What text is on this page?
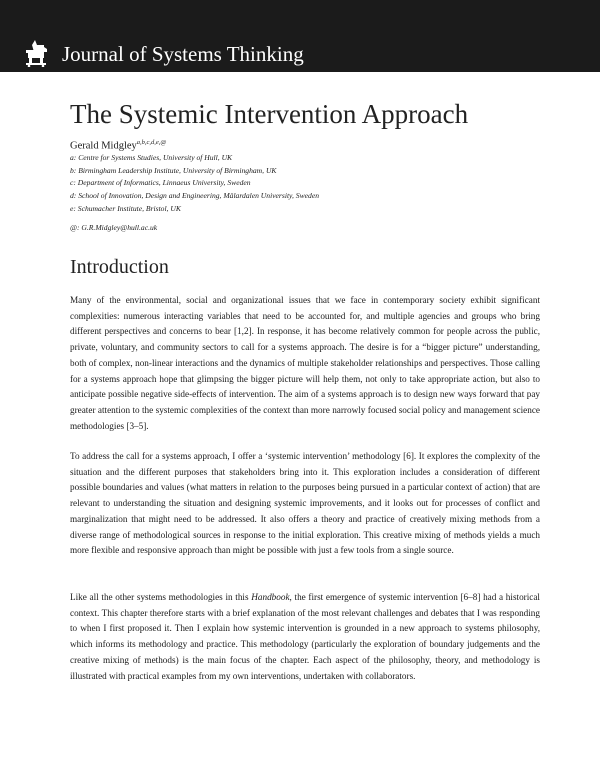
Journal of Systems Thinking
The Systemic Intervention Approach
Gerald Midgley$^{a,b,c,d,e,@}$
a: Centre for Systems Studies, University of Hull, UK
b: Birmingham Leadership Institute, University of Birmingham, UK
c: Department of Informatics, Linnaeus University, Sweden
d: School of Innovation, Design and Engineering, Mälardalen University, Sweden
e: Schumacher Institute, Bristol, UK
@: G.R.Midgley@hull.ac.uk
Introduction

Many of the environmental, social and organizational issues that we face in contemporary society exhibit significant complexities: numerous interacting variables that need to be accounted for, and multiple agencies and groups who bring different perspectives and concerns to bear [1,2]. In response, it has become relatively common for people across the public, private, voluntary, and community sectors to call for a systems approach. The desire is for a “bigger picture” understanding, both of complex, non-linear interactions and the dynamics of multiple stakeholder relationships and perspectives. Those calling for a systems approach hope that glimpsing the bigger picture will help them, not only to take appropriate action, but also to anticipate possible negative side-effects of intervention. The aim of a systems approach is to design new ways forward that pay greater attention to the systemic complexities of the context than more narrowly focused social policy and management science methodologies [3–5].

To address the call for a systems approach, I offer a ‘systemic intervention’ methodology [6]. It explores the complexity of the situation and the different purposes that stakeholders bring into it. This exploration includes a consideration of different possible boundaries and values (what matters in relation to the purposes being pursued in a particular context of action) that are relevant to understanding the situation and designing systemic improvements, and it looks out for processes of conflict and marginalization that might need to be addressed. It also offers a theory and practice of creatively mixing methods from a diverse range of methodological sources in response to the initial exploration. This creative mixing of methods yields a much more flexible and responsive approach than might be possible with just a few tools from a single source.

Like all the other systems methodologies in this Handbook, the first emergence of systemic intervention [6–8] had a historical context. This chapter therefore starts with a brief explanation of the most relevant challenges and debates that I was responding to when I first proposed it. Then I explain how systemic intervention is grounded in a new approach to systems philosophy, which informs its methodology and practice. This methodology (particularly the exploration of boundary judgements and the creative mixing of methods) is the main focus of the chapter. Each aspect of the philosophy, theory, and methodology is illustrated with practical examples from my own interventions, undertaken with collaborators.
